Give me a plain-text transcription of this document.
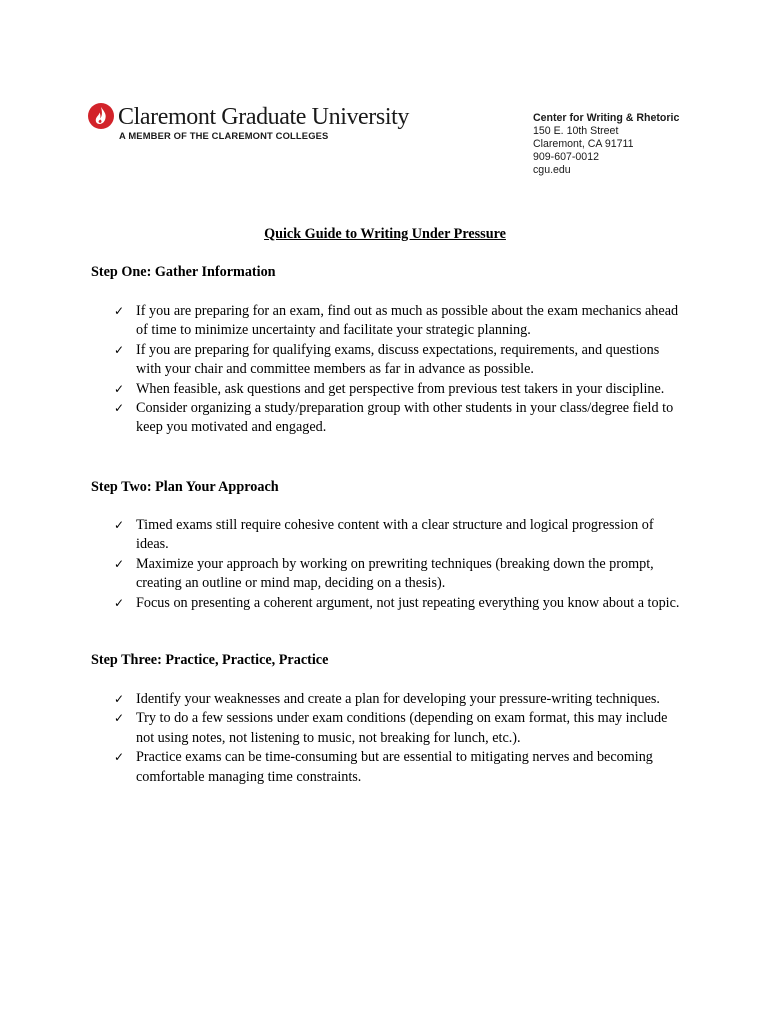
Claremont Graduate University
A MEMBER OF THE CLAREMONT COLLEGES
Center for Writing & Rhetoric
150 E. 10th Street
Claremont, CA 91711
909-607-0012
cgu.edu
Quick Guide to Writing Under Pressure
Step One: Gather Information
✓ If you are preparing for an exam, find out as much as possible about the exam mechanics ahead of time to minimize uncertainty and facilitate your strategic planning.
✓ If you are preparing for qualifying exams, discuss expectations, requirements, and questions with your chair and committee members as far in advance as possible.
✓ When feasible, ask questions and get perspective from previous test takers in your discipline.
✓ Consider organizing a study/preparation group with other students in your class/degree field to keep you motivated and engaged.
Step Two: Plan Your Approach
✓ Timed exams still require cohesive content with a clear structure and logical progression of ideas.
✓ Maximize your approach by working on prewriting techniques (breaking down the prompt, creating an outline or mind map, deciding on a thesis).
✓ Focus on presenting a coherent argument, not just repeating everything you know about a topic.
Step Three: Practice, Practice, Practice
✓ Identify your weaknesses and create a plan for developing your pressure-writing techniques.
✓ Try to do a few sessions under exam conditions (depending on exam format, this may include not using notes, not listening to music, not breaking for lunch, etc.).
✓ Practice exams can be time-consuming but are essential to mitigating nerves and becoming comfortable managing time constraints.
